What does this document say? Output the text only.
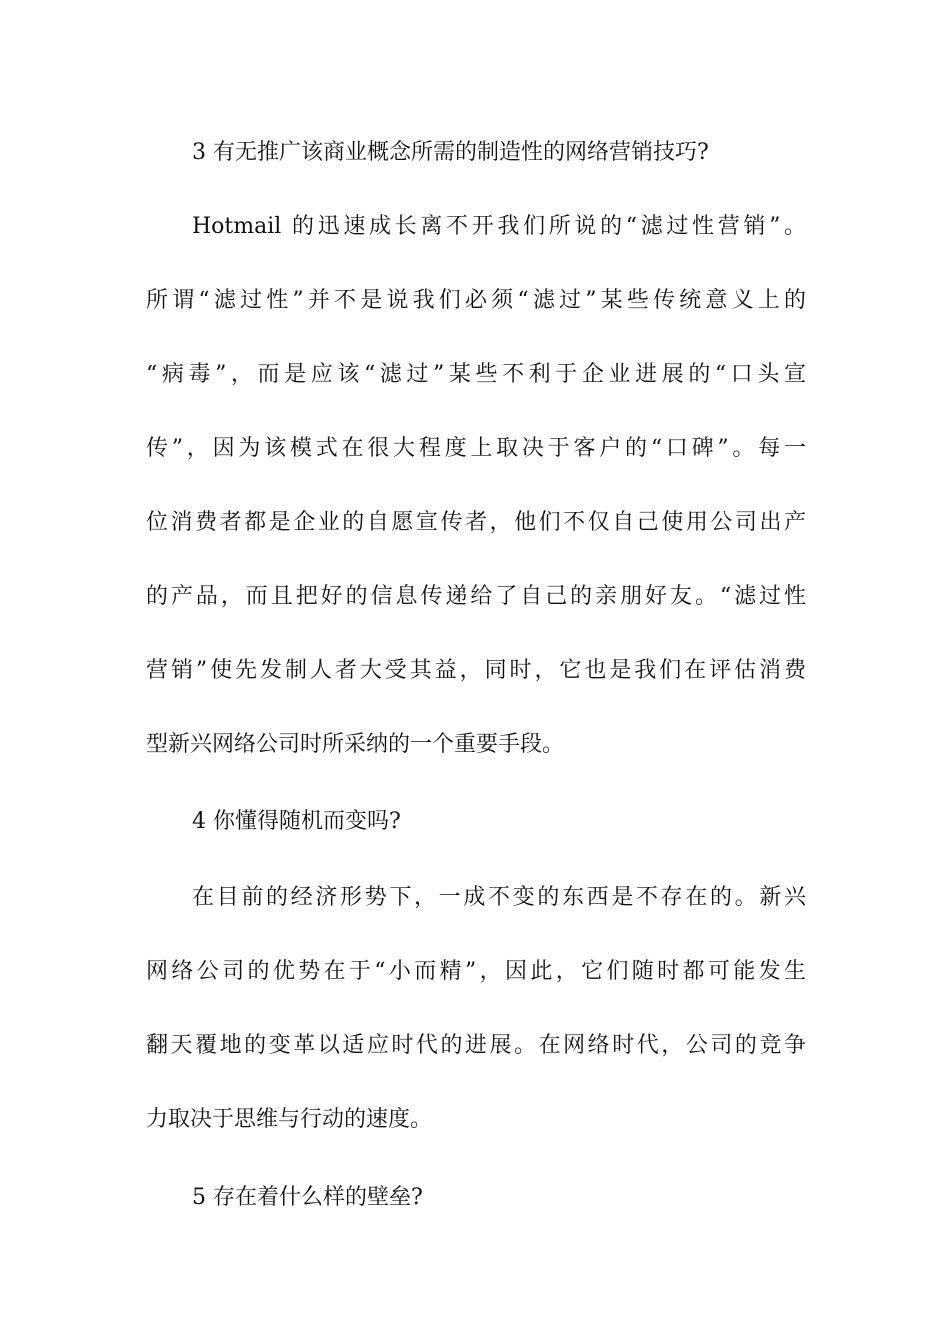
3 有无推广该商业概念所需的制造性的网络营销技巧?
Hotmail 的迅速成长离不开我们所说的“滤过性营销”。
所谓“滤过性”并不是说我们必须“滤过”某些传统意义上的
“病毒”，而是应该“滤过”某些不利于企业进展的“口头宣
传”，因为该模式在很大程度上取决于客户的“口碑”。每一
位消费者都是企业的自愿宣传者，他们不仅自己使用公司出产
的产品，而且把好的信息传递给了自己的亲朋好友。“滤过性
营销”使先发制人者大受其益，同时，它也是我们在评估消费
型新兴网络公司时所采纳的一个重要手段。
4 你懂得随机而变吗?
在目前的经济形势下，一成不变的东西是不存在的。新兴
网络公司的优势在于“小而精”，因此，它们随时都可能发生
翻天覆地的变革以适应时代的进展。在网络时代，公司的竞争
力取决于思维与行动的速度。
5 存在着什么样的壁垒?
